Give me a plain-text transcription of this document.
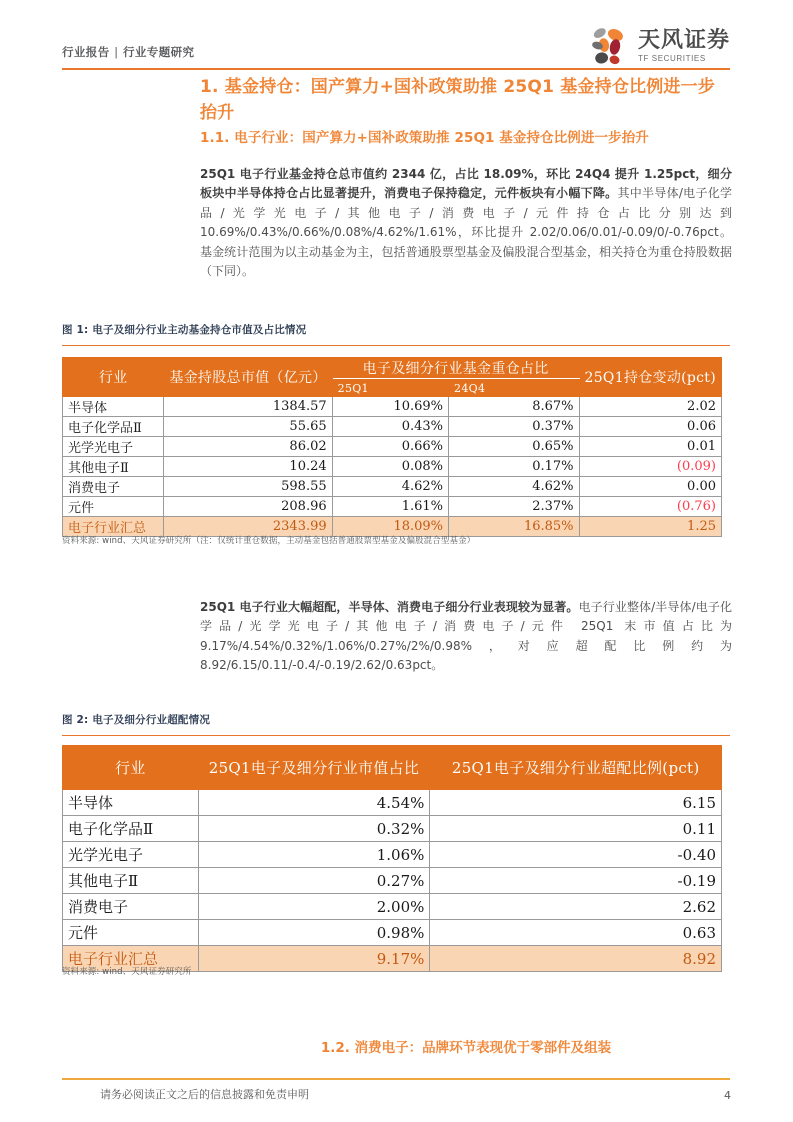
行业报告 | 行业专题研究
天风证券
TF SECURITIES
1. 基金持仓：国产算力+国补政策助推 25Q1 基金持仓比例进一步抬升
1.1. 电子行业：国产算力+国补政策助推 25Q1 基金持仓比例进一步抬升
25Q1 电子行业基金持仓总市值约 2344 亿，占比 18.09%，环比 24Q4 提升 1.25pct，细分板块中半导体持仓占比显著提升，消费电子保持稳定，元件板块有小幅下降。其中半导体/电子化学品/光学光电子/其他电子/消费电子/元件持仓占比分别达到 10.69%/0.43%/0.66%/0.08%/4.62%/1.61%，环比提升 2.02/0.06/0.01/-0.09/0/-0.76pct。基金统计范围为以主动基金为主，包括普通股票型基金及偏股混合型基金，相关持仓为重仓持股数据（下同）。
图 1: 电子及细分行业主动基金持仓市值及占比情况
行业	基金持股总市值（亿元）	电子及细分行业基金重仓占比		25Q1持仓变动(pct)
		25Q1	24Q4	
半导体	1384.57	10.69%	8.67%	2.02
电子化学品Ⅱ	55.65	0.43%	0.37%	0.06
光学光电子	86.02	0.66%	0.65%	0.01
其他电子Ⅱ	10.24	0.08%	0.17%	(0.09)
消费电子	598.55	4.62%	4.62%	0.00
元件	208.96	1.61%	2.37%	(0.76)
电子行业汇总	2343.99	18.09%	16.85%	1.25
资料来源: wind、天风证券研究所（注：仅统计重仓数据，主动基金包括普通股票型基金及偏股混合型基金）
25Q1 电子行业大幅超配，半导体、消费电子细分行业表现较为显著。电子行业整体/半导体/电子化学品/光学光电子/其他电子/消费电子/元件 25Q1 末市值占比为 9.17%/4.54%/0.32%/1.06%/0.27%/2%/0.98%，对应超配比例约为 8.92/6.15/0.11/-0.4/-0.19/2.62/0.63pct。
图 2: 电子及细分行业超配情况
行业	25Q1电子及细分行业市值占比	25Q1电子及细分行业超配比例(pct)
半导体	4.54%	6.15
电子化学品Ⅱ	0.32%	0.11
光学光电子	1.06%	-0.40
其他电子Ⅱ	0.27%	-0.19
消费电子	2.00%	2.62
元件	0.98%	0.63
电子行业汇总	9.17%	8.92
资料来源: wind、天风证券研究所
1.2. 消费电子：品牌环节表现优于零部件及组装
请务必阅读正文之后的信息披露和免责申明	4
